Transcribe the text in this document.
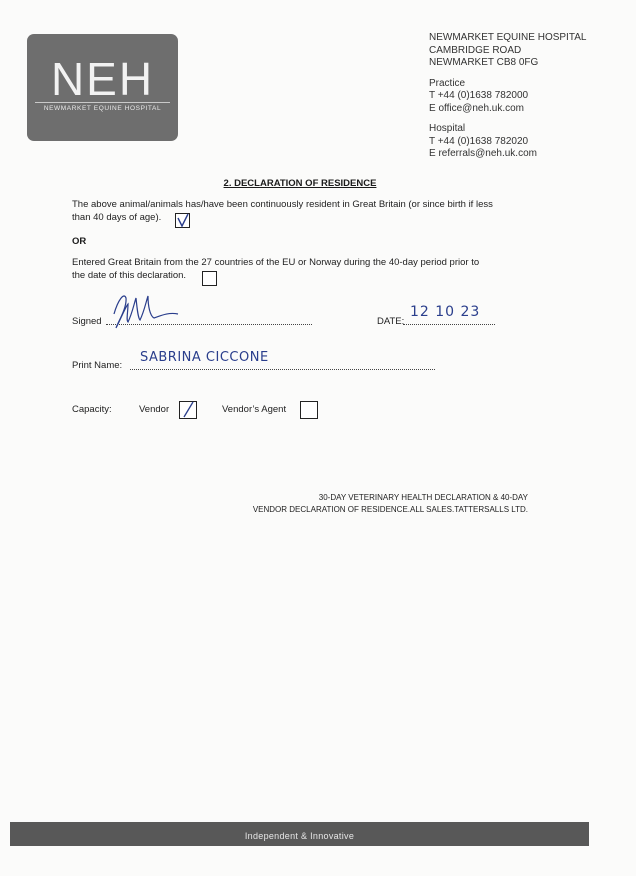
NEH
NEWMARKET EQUINE HOSPITAL
NEWMARKET EQUINE HOSPITAL
CAMBRIDGE ROAD
NEWMARKET CB8 0FG
Practice
T +44 (0)1638 782000
E office@neh.uk.com
Hospital
T +44 (0)1638 782020
E referrals@neh.uk.com
2. DECLARATION OF RESIDENCE
The above animal/animals has/have been continuously resident in Great Britain (or since birth if less
than 40 days of age).
OR
Entered Great Britain from the 27 countries of the EU or Norway during the 40-day period prior to
the date of this declaration.
Signed	DATE:
12 10 23
Print Name:
SABRINA CICCONE
Capacity:	Vendor	Vendor’s Agent
30-DAY VETERINARY HEALTH DECLARATION & 40-DAY
VENDOR DECLARATION OF RESIDENCE.ALL SALES.TATTERSALLS LTD.
Independent & Innovative
